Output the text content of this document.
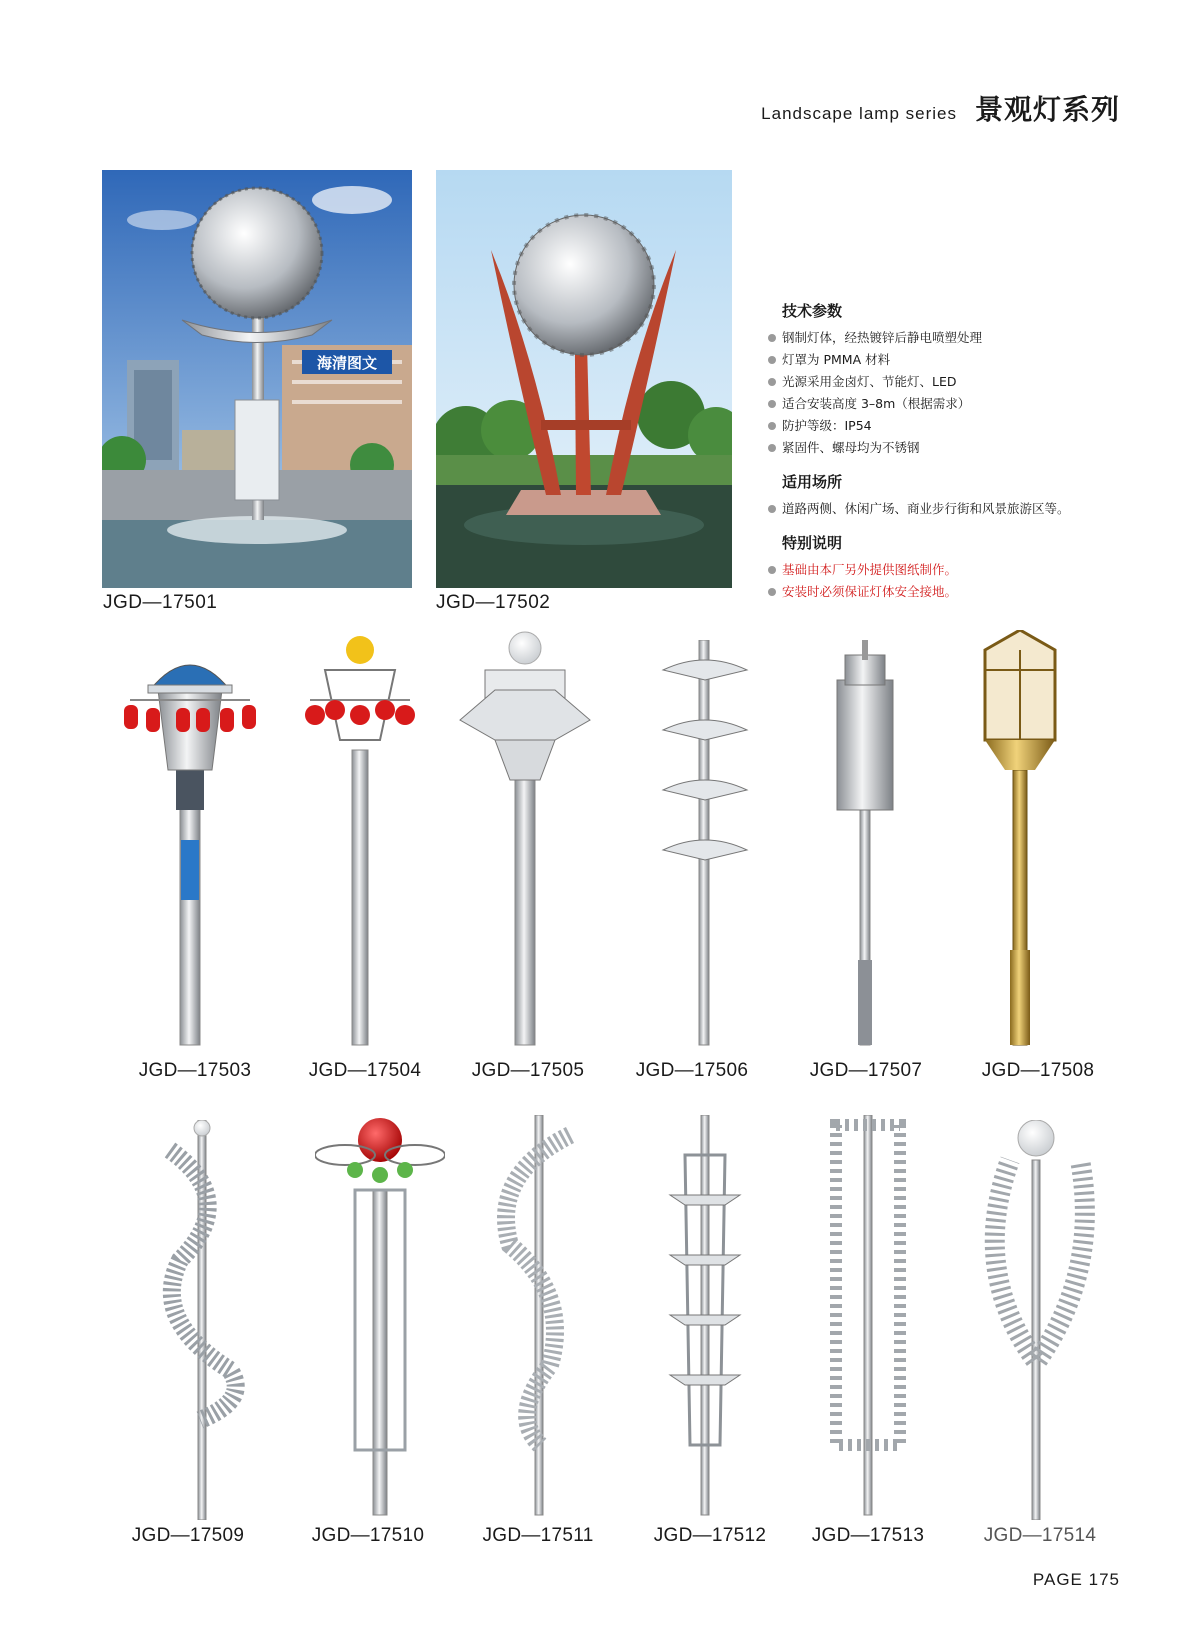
Landscape lamp series 景观灯系列
海清图文
JGD—17501	JGD—17502
技术参数
钢制灯体，经热镀锌后静电喷塑处理
灯罩为 PMMA 材料
光源采用金卤灯、节能灯、LED
适合安装高度 3–8m（根据需求）
防护等级：IP54
紧固件、螺母均为不锈钢
适用场所
道路两侧、休闲广场、商业步行街和风景旅游区等。
特别说明
基础由本厂另外提供图纸制作。
安装时必须保证灯体安全接地。
JGD—17503	JGD—17504	JGD—17505	JGD—17506	JGD—17507	JGD—17508
JGD—17509	JGD—17510	JGD—17511	JGD—17512	JGD—17513	JGD—17514
PAGE 175
